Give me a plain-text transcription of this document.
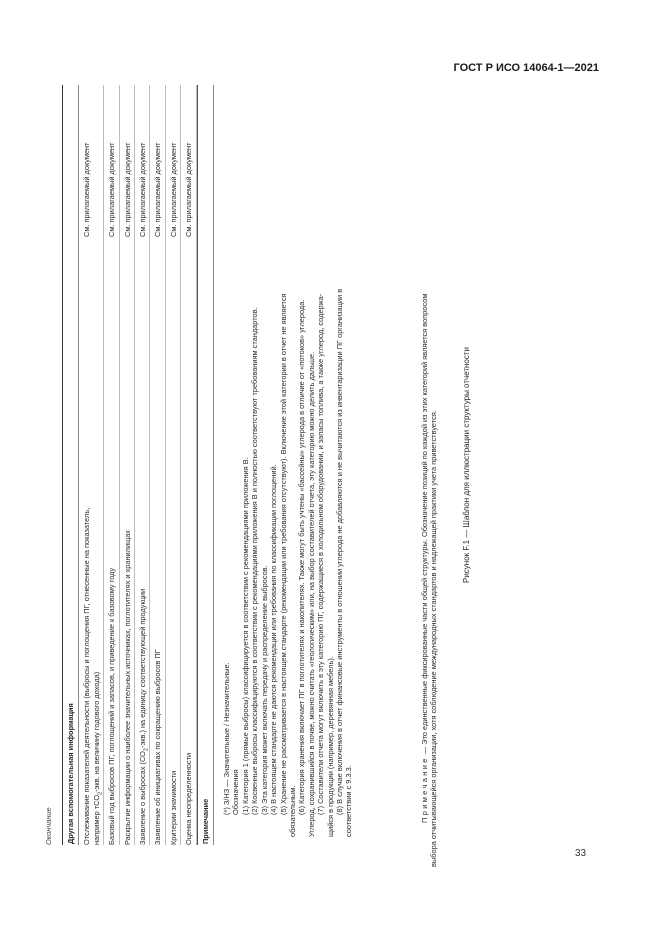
ГОСТ Р ИСО 14064-1—2021
Окончание	Другая вспомогательная информация	Отслеживание показателей деятельности (выбросы и поглощения ПГ, отнесенные на показатель,
например тСО$_2$-экв. на величину годового дохода)
См. прилагаемый документ
Базовый год выбросов ПГ, поглощений и запасов, и приведение к базовому году
См. прилагаемый документ
Раскрытие информации о наиболее значительных источниках, поглотителях и хранилищах
См. прилагаемый документ
Заявление о выбросах $(СО_2-экв.)$ на единицу соответствующей продукции
См. прилагаемый документ
Заявление об инициативах по сокращению выбросов ПГ
См. прилагаемый документ
Критерии значимости
См. прилагаемый документ
Оценка неопределенности
См. прилагаемый документ
Примечание

(*) З/НЗ — Значительные / Незначительные. Обозначения (1) Категория 1 (прямые выбросы) классифицируется в соответствии с рекомендациями приложения В. (2) Косвенные выбросы классифицируются в соответствии с рекомендациями приложения В и полностью соответствуют требованиям стандартов. (3) Эта категория может включать передачу и распределение выбросов. (4) В настоящем стандарте не даются рекомендации или требования по классификации поглощений. (5) Хранение не рассматривается в настоящем стандарте (рекомендации или требования отсутствуют). Включение этой категории в отчет не является обязательным. (6) Категория хранения включает ПГ в поглотителях и накопителях. Также могут быть учтены «бассейны» углерода в отличие от «потоков» углерода. Углерод, сохранившийся в почве, можно считать «геологическим» или, на выбор составителей отчета, эту категорию можно делить дальше. (7) Составители отчета могут включить в эту категорию ПГ, содержащиеся в холодильном оборудовании, и запасы топлива, а также углерод, содержа- щийся в продукции (например, деревянная мебель). (8) В случае включения в отчет финансовые инструменты в отношении углерода не добавляются и не вычитаются из инвентаризации ПГ организации в соответствии с 9.3.3.	Примечание — Это единственные фиксированные части общей структуры. Обозначение позиций по каждой из этих категорий является вопросом
выбора отчитывающейся организации, хотя соблюдение международных стандартов и надлежащей практики учета приветствуется.	Рисунок F.1 — Шаблон для иллюстрации структуры отчетности
33
